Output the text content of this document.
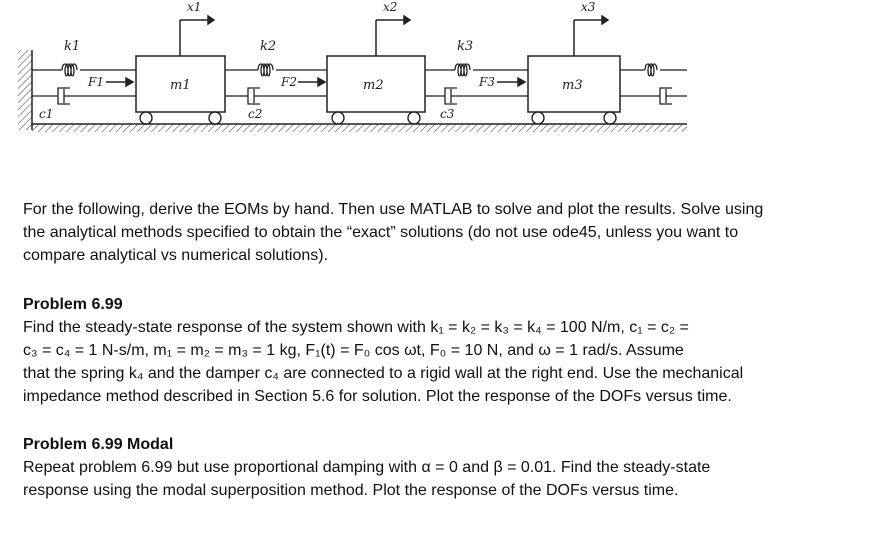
x1	x2	x3
k1	k2	k3
F1	F2	F3
m1	m2	m3
c1	c2	c3

For the following, derive the EOMs by hand. Then use MATLAB to solve and plot the results. Solve using

the analytical methods specified to obtain the “exact” solutions (do not use ode45, unless you want to

compare analytical vs numerical solutions).

Problem 6.99

Find the steady-state response of the system shown with k₁ = k₂ = k₃ = k₄ = 100 N/m, c₁ = c₂ =

c₃ = c₄ = 1 N-s/m, m₁ = m₂ = m₃ = 1 kg, F₁(t) = F₀ cos ωt, F₀ = 10 N, and ω = 1 rad/s. Assume

that the spring k₄ and the damper c₄ are connected to a rigid wall at the right end. Use the mechanical

impedance method described in Section 5.6 for solution. Plot the response of the DOFs versus time.

Problem 6.99 Modal

Repeat problem 6.99 but use proportional damping with α = 0 and β = 0.01. Find the steady-state

response using the modal superposition method. Plot the response of the DOFs versus time.
